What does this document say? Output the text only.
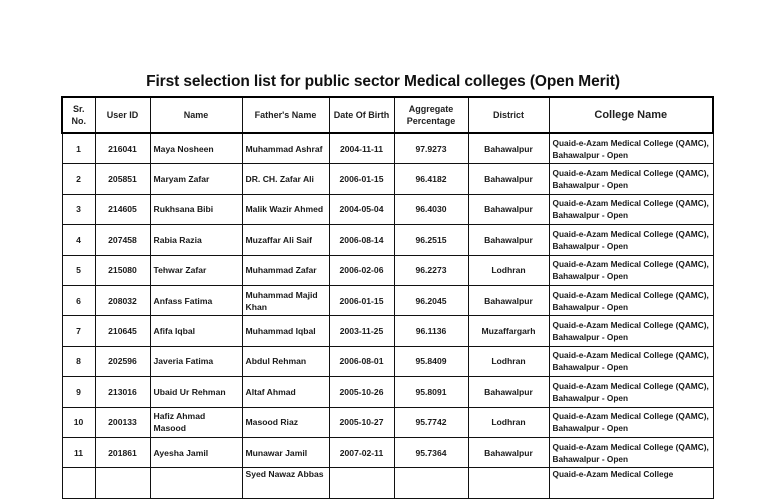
First selection list for public sector Medical colleges (Open Merit)
Sr. No.	User ID	Name	Father's Name	Date Of Birth	Aggregate Percentage	District	College Name
1	216041	Maya Nosheen	Muhammad Ashraf	2004-11-11	97.9273	Bahawalpur	Quaid-e-Azam Medical College (QAMC), Bahawalpur - Open
2	205851	Maryam Zafar	DR. CH. Zafar Ali	2006-01-15	96.4182	Bahawalpur	Quaid-e-Azam Medical College (QAMC), Bahawalpur - Open
3	214605	Rukhsana Bibi	Malik Wazir Ahmed	2004-05-04	96.4030	Bahawalpur	Quaid-e-Azam Medical College (QAMC), Bahawalpur - Open
4	207458	Rabia Razia	Muzaffar Ali Saif	2006-08-14	96.2515	Bahawalpur	Quaid-e-Azam Medical College (QAMC), Bahawalpur - Open
5	215080	Tehwar Zafar	Muhammad Zafar	2006-02-06	96.2273	Lodhran	Quaid-e-Azam Medical College (QAMC), Bahawalpur - Open
6	208032	Anfass Fatima	Muhammad Majid Khan	2006-01-15	96.2045	Bahawalpur	Quaid-e-Azam Medical College (QAMC), Bahawalpur - Open
7	210645	Afifa Iqbal	Muhammad Iqbal	2003-11-25	96.1136	Muzaffargarh	Quaid-e-Azam Medical College (QAMC), Bahawalpur - Open
8	202596	Javeria Fatima	Abdul Rehman	2006-08-01	95.8409	Lodhran	Quaid-e-Azam Medical College (QAMC), Bahawalpur - Open
9	213016	Ubaid Ur Rehman	Altaf Ahmad	2005-10-26	95.8091	Bahawalpur	Quaid-e-Azam Medical College (QAMC), Bahawalpur - Open
10	200133	Hafiz Ahmad Masood	Masood Riaz	2005-10-27	95.7742	Lodhran	Quaid-e-Azam Medical College (QAMC), Bahawalpur - Open
11	201861	Ayesha Jamil	Munawar Jamil	2007-02-11	95.7364	Bahawalpur	Quaid-e-Azam Medical College (QAMC), Bahawalpur - Open
			Syed Nawaz Abbas				Quaid-e-Azam Medical College
